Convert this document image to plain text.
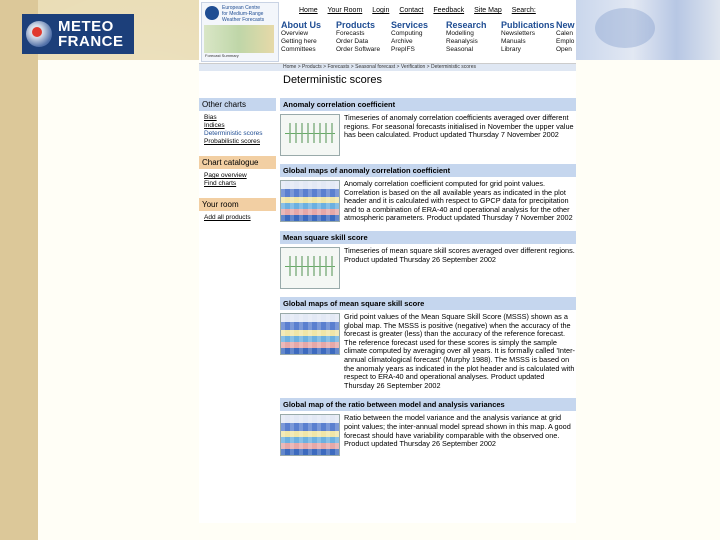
METEO
FRANCE
European Centre
for Medium-Range
Weather Forecasts
Forecast Summary
Home Your Room Login Contact Feedback Site Map Search:
About Us
Overview
Getting here
Committees
Products
Forecasts
Order Data
Order Software
Services
Computing
Archive
PrepIFS
Research
Modelling
Reanalysis
Seasonal
Publications
Newsletters
Manuals
Library
New
Calen
Emplo
Open
Home > Products > Forecasts > Seasonal forecast > Verification > Deterministic scores
Deterministic scores
Other charts
Bias
Indices
Deterministic scores
Probabilistic scores
Chart catalogue
Page overview
Find charts
Your room
Add all products
Anomaly correlation coefficient
Timeseries of anomaly correlation coefficients averaged over different regions. For seasonal forecasts initialised in November the upper value has been calculated. Product updated Thursday 7 November 2002
Global maps of anomaly correlation coefficient
Anomaly correlation coefficient computed for grid point values. Correlation is based on the all available years as indicated in the plot header and it is calculated with respect to GPCP data for precipitation and to a combination of ERA-40 and operational analysis for the other atmospheric parameters. Product updated Thursday 7 November 2002
Mean square skill score
Timeseries of mean square skill scores averaged over different regions. Product updated Thursday 26 September 2002
Global maps of mean square skill score
Grid point values of the Mean Square Skill Score (MSSS) shown as a global map. The MSSS is positive (negative) when the accuracy of the forecast is greater (less) than the accuracy of the reference forecast. The reference forecast used for these scores is simply the sample climate computed by averaging over all years. It is formally called 'Inter-annual climatological forecast' (Murphy 1988). The MSSS is based on the anomaly years as indicated in the plot header and is calculated with respect to ERA-40 and operational analyses. Product updated Thursday 26 September 2002
Global map of the ratio between model and analysis variances
Ratio between the model variance and the analysis variance at grid point values; the inter-annual model spread shown in this map. A good forecast should have variability comparable with the observed one. Product updated Thursday 26 September 2002
